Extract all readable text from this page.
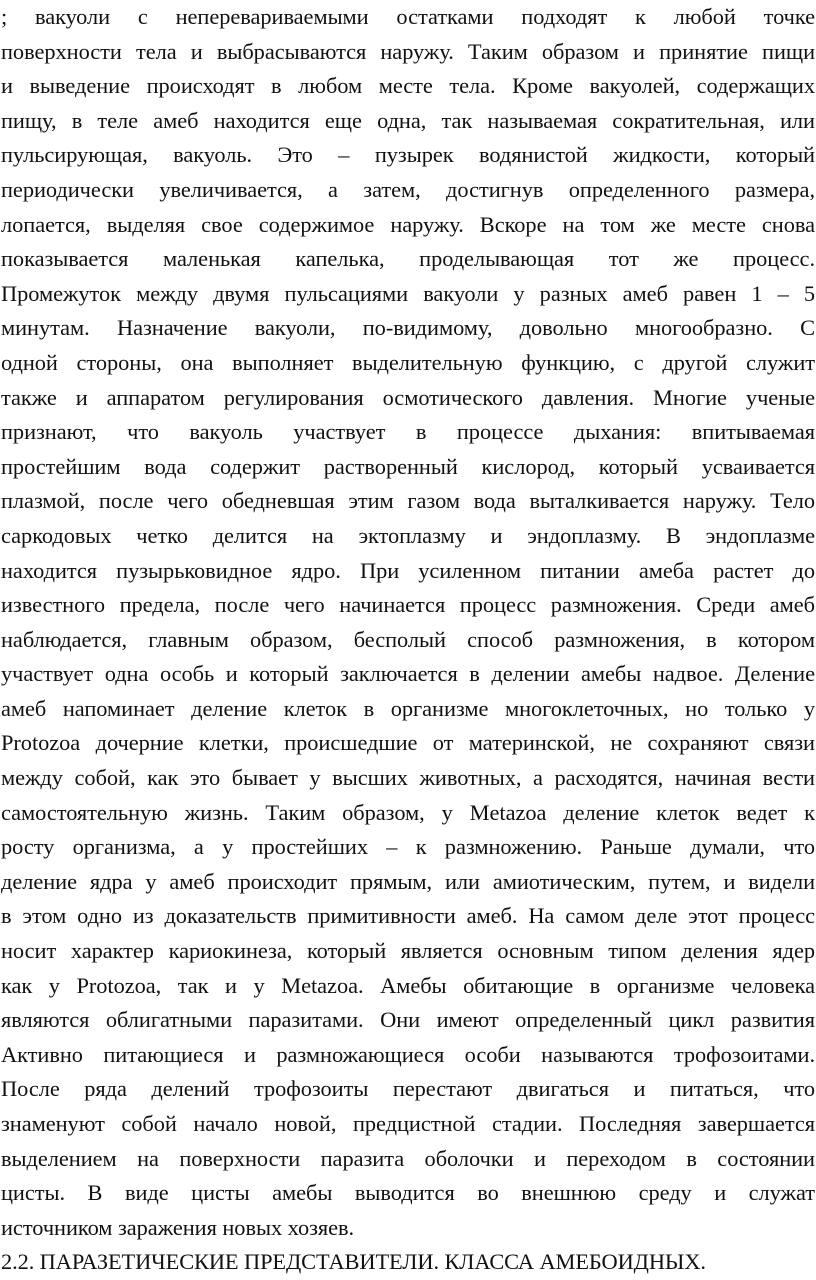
; вакуоли с неперевариваемыми остатками подходят к любой точке
поверхности тела и выбрасываются наружу. Таким образом и принятие пищи
и выведение происходят в любом месте тела. Кроме вакуолей, содержащих
пищу, в теле амеб находится еще одна, так называемая сократительная, или
пульсирующая, вакуоль. Это – пузырек водянистой жидкости, который
периодически увеличивается, а затем, достигнув определенного размера,
лопается, выделяя свое содержимое наружу. Вскоре на том же месте снова
показывается маленькая капелька, проделывающая тот же процесс.
Промежуток между двумя пульсациями вакуоли у разных амеб равен 1 – 5
минутам. Назначение вакуоли, по-видимому, довольно многообразно. С
одной стороны, она выполняет выделительную функцию, с другой служит
также и аппаратом регулирования осмотического давления. Многие ученые
признают, что вакуоль участвует в процессе дыхания: впитываемая
простейшим вода содержит растворенный кислород, который усваивается
плазмой, после чего обедневшая этим газом вода выталкивается наружу. Тело
саркодовых четко делится на эктоплазму и эндоплазму. В эндоплазме
находится пузырьковидное ядро. При усиленном питании амеба растет до
известного предела, после чего начинается процесс размножения. Среди амеб
наблюдается, главным образом, бесполый способ размножения, в котором
участвует одна особь и который заключается в делении амебы надвое. Деление
амеб напоминает деление клеток в организме многоклеточных, но только у
Protozoa дочерние клетки, происшедшие от материнской, не сохраняют связи
между собой, как это бывает у высших животных, а расходятся, начиная вести
самостоятельную жизнь. Таким образом, у Metazoa деление клеток ведет к
росту организма, а у простейших – к размножению. Раньше думали, что
деление ядра у амеб происходит прямым, или амиотическим, путем, и видели
в этом одно из доказательств примитивности амеб. На самом деле этот процесс
носит характер кариокинеза, который является основным типом деления ядер
как у Protozoa, так и у Metazoa. Амебы обитающие в организме человека
являются облигатными паразитами. Они имеют определенный цикл развития
Активно питающиеся и размножающиеся особи называются трофозоитами.
После ряда делений трофозоиты перестают двигаться и питаться, что
знаменуют собой начало новой, предцистной стадии. Последняя завершается
выделением на поверхности паразита оболочки и переходом в состоянии
цисты. В виде цисты амебы выводится во внешнюю среду и служат
источником заражения новых хозяев.

2.2. ПАРАЗЕТИЧЕСКИЕ ПРЕДСТАВИТЕЛИ. КЛАССА АМЕБОИДНЫХ.
